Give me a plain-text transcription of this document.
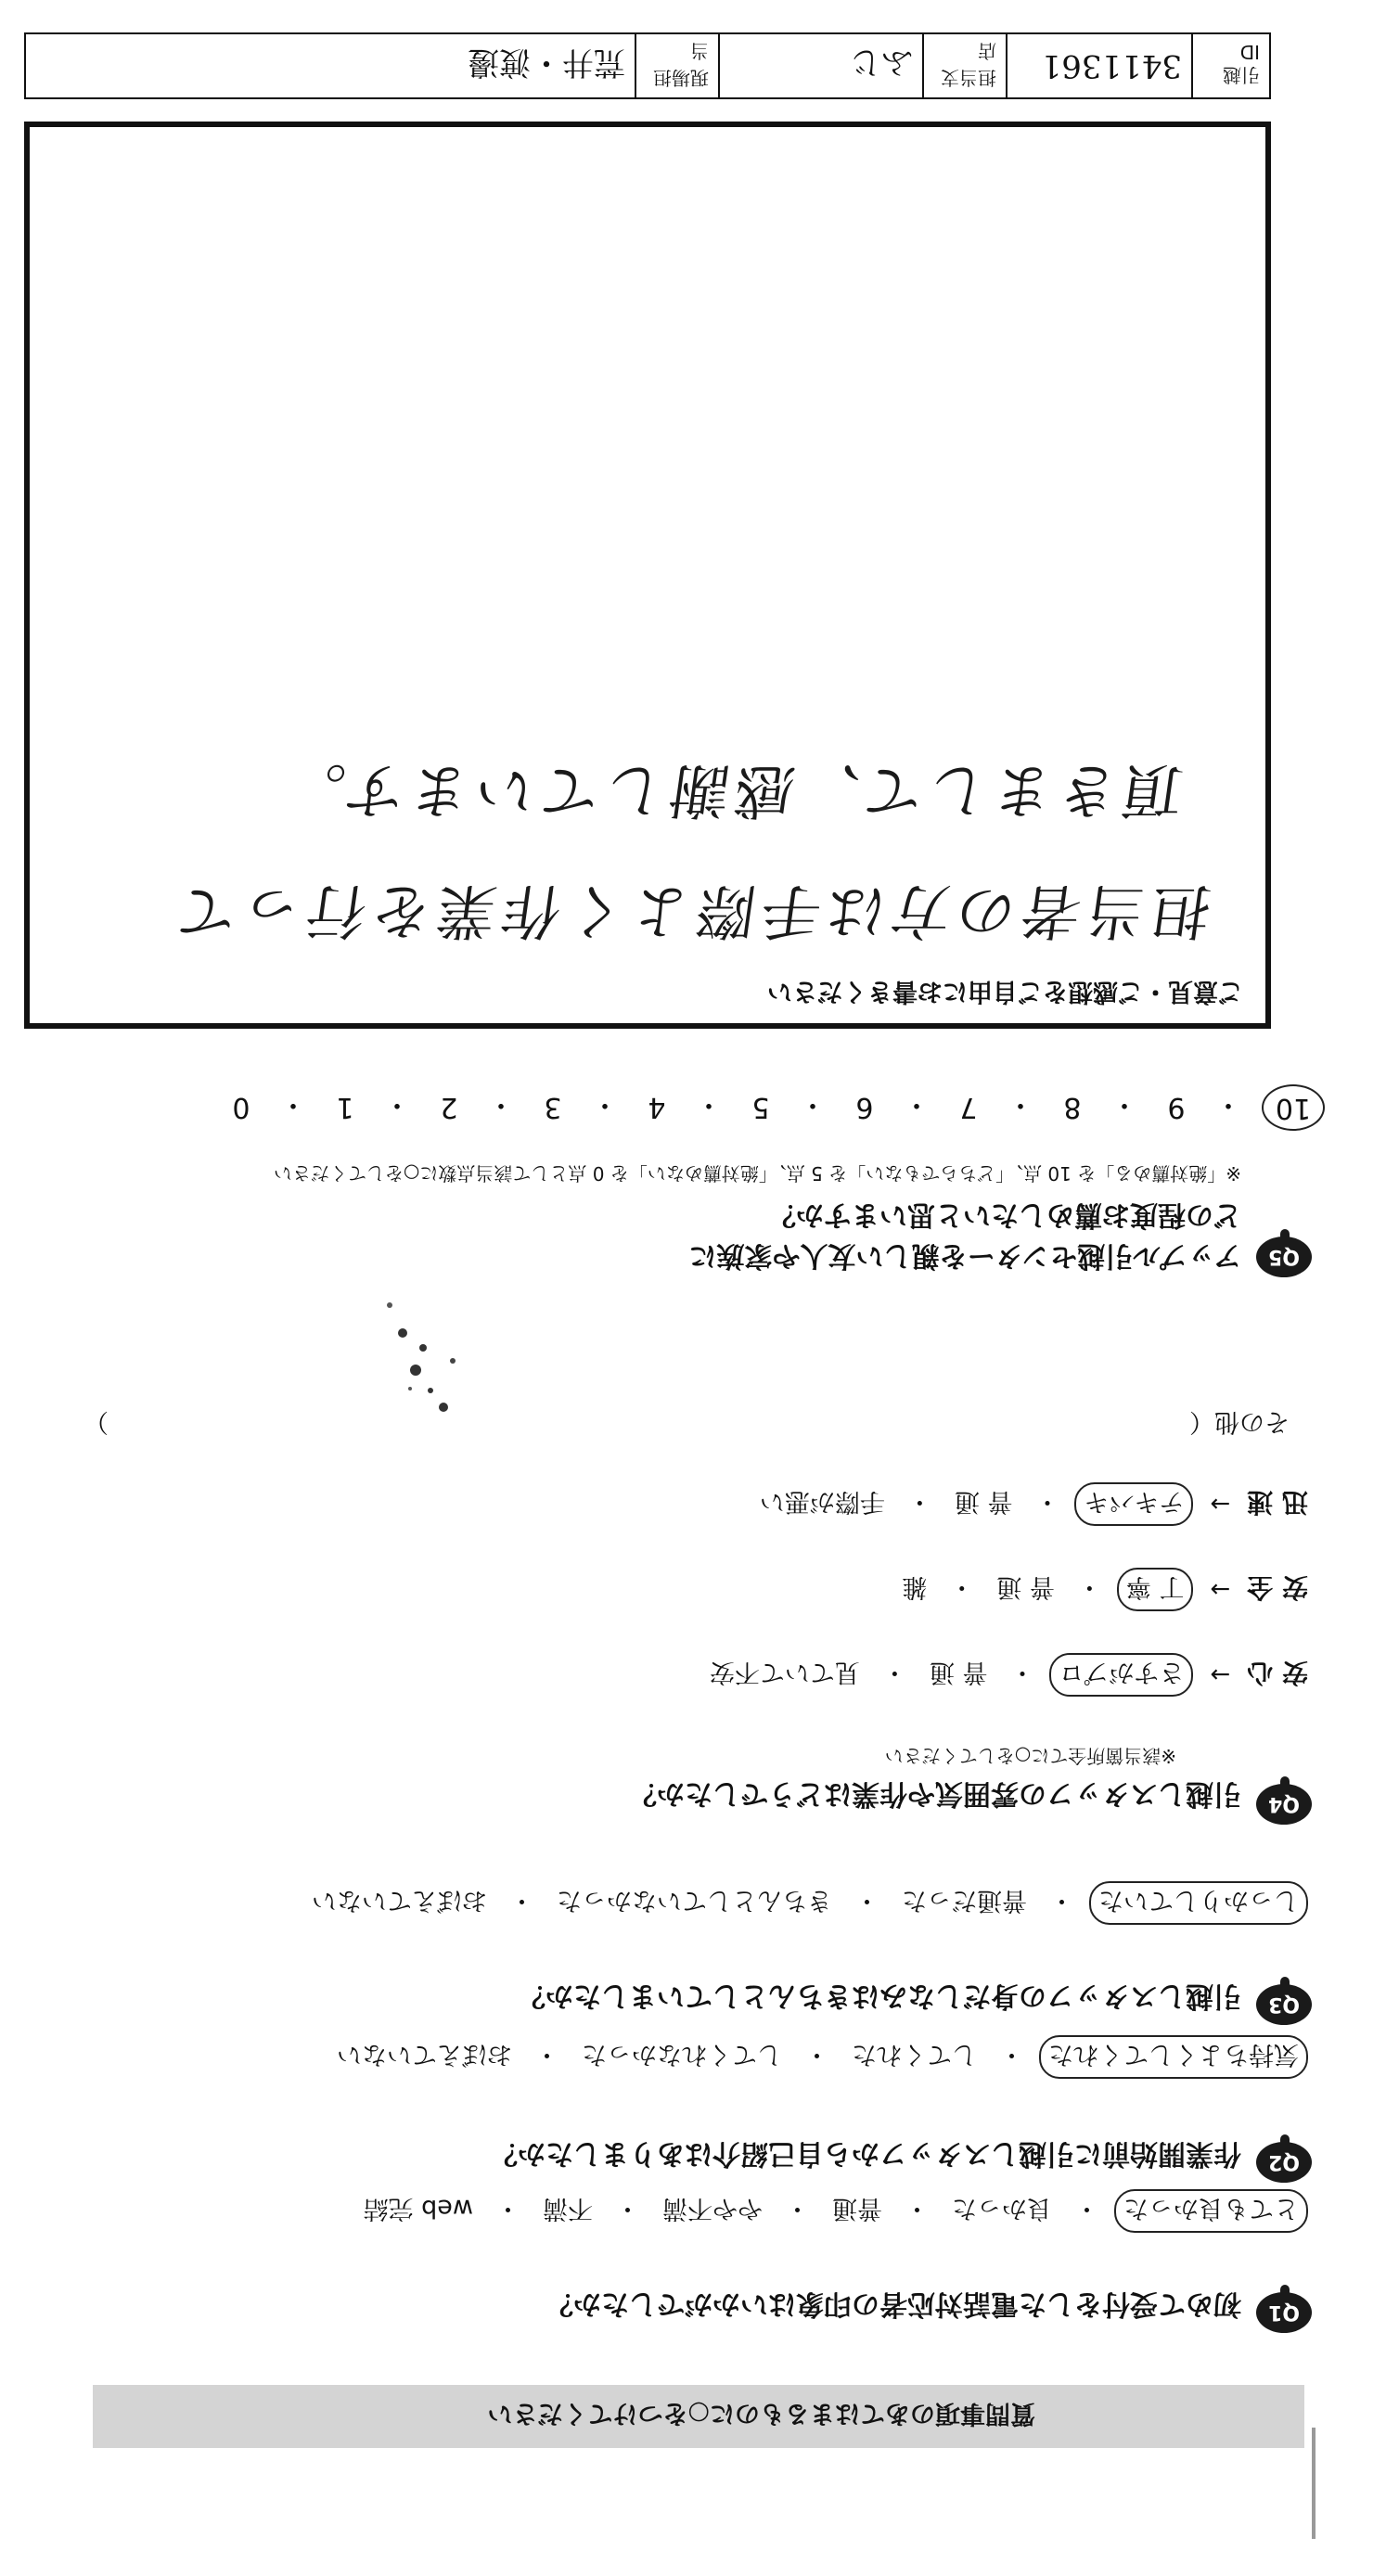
質問事項のあてはまるものに○をつけてください
Q1
初めて受付をした電話対応者の印象はいかがでしたか？
とても良かった
・
良かった
・
普通
・
やや不満
・
不満
・
web 完結
Q2
作業開始前に引越しスタッフから自己紹介はありましたか？
気持ちよくしてくれた
・
してくれた
・
してくれなかった
・
おぼえていない
Q3
引越しスタッフの身だしなみはきちんとしていましたか？
しっかりしていた
・
普通だった
・
きちんとしていなかった
・
おぼえていない
Q4
引越しスタッフの雰囲気や作業はどうでしたか？
※該当箇所全てに○をしてください
安 心
→
さすがプロ
・
普 通
・
見ていて不安
安 全
→
丁 寧
・
普 通
・
雑
迅 速
→
テキパキ
・
普 通
・
手際が悪い
その他（
）
Q5
アップル引越センターを親しい友人や家族に
どの程度お薦めしたいと思いますか？
※「絶対薦める」を 10 点、「どちらでもない」を 5 点、「絶対薦めない」を 0 点として該当点数に○をしてください
10
・
9
・
8
・
7
・
6
・
5
・
4
・
3
・
2
・
1
・
0
ご意見・ご感想をご自由にお書きください
担当者の方は手際よく作業を行って
頂きまして、感謝しています。
引越 ID
3411361
担当支店
ふじ
現場担当
荒井・渡邊
